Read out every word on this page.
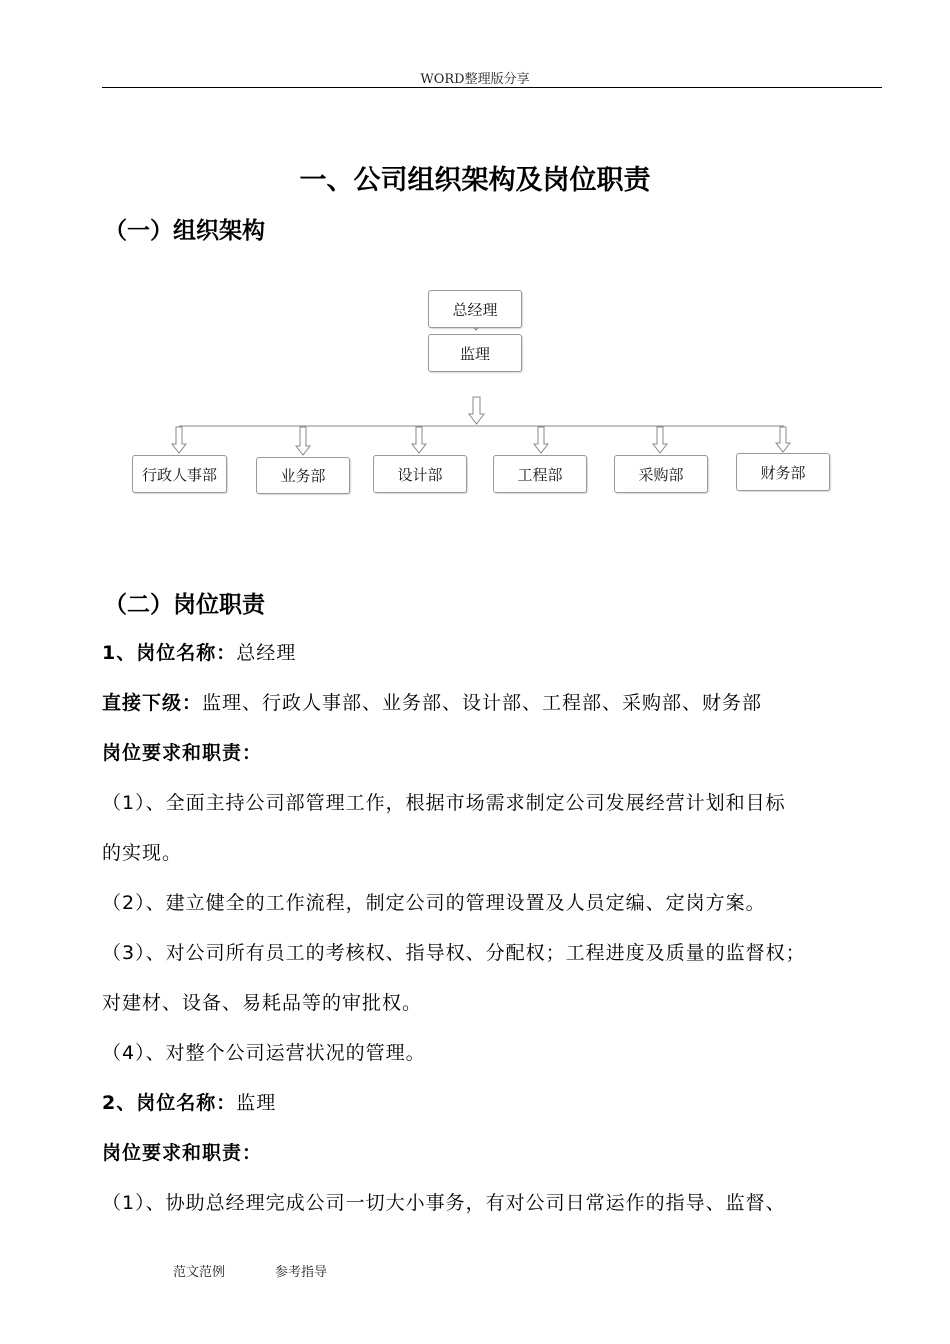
WORD整理版分享
一、公司组织架构及岗位职责
（一）组织架构
总经理
监理
行政人事部	业务部	设计部	工程部	采购部	财务部
（二）岗位职责
1、岗位名称：总经理
直接下级：监理、行政人事部、业务部、设计部、工程部、采购部、财务部
岗位要求和职责：
（1）、全面主持公司部管理工作，根据市场需求制定公司发展经营计划和目标
的实现。
（2）、建立健全的工作流程，制定公司的管理设置及人员定编、定岗方案。
（3）、对公司所有员工的考核权、指导权、分配权；工程进度及质量的监督权；
对建材、设备、易耗品等的审批权。
（4）、对整个公司运营状况的管理。
2、岗位名称：监理
岗位要求和职责：
（1）、协助总经理完成公司一切大小事务，有对公司日常运作的指导、监督、
范文范例	参考指导
